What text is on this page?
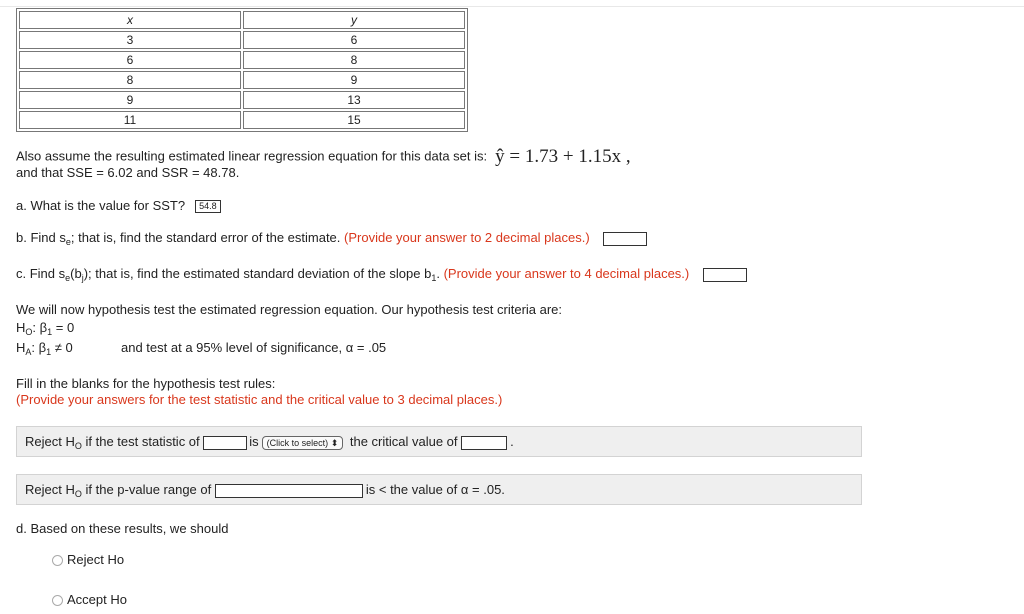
x	y
3	6
6	8
8	9
9	13
11	15
Also assume the resulting estimated linear regression equation for this data set is: ŷ = 1.73 + 1.15x ,
and that SSE = 6.02 and SSR = 48.78.
a. What is the value for SST? 54.8
b. Find $s_e$; that is, find the standard error of the estimate. (Provide your answer to 2 decimal places.)
c. Find $s_e(b_j)$; that is, find the estimated standard deviation of the slope $b_1$. (Provide your answer to 4 decimal places.)
We will now hypothesis test the estimated regression equation. Our hypothesis test criteria are:
$H_O$: $\beta_1 = 0$
$H_A$: $\beta_1 \ne 0$	and test at a 95% level of significance, α = .05
Fill in the blanks for the hypothesis test rules:
(Provide your answers for the test statistic and the critical value to 3 decimal places.)
Reject $H_O$ if the test statistic of	is (Click to select) ⬍ the critical value of	.
Reject $H_O$ if the p-value range of	is < the value of α = .05.
d. Based on these results, we should
Reject Ho
Accept Ho
